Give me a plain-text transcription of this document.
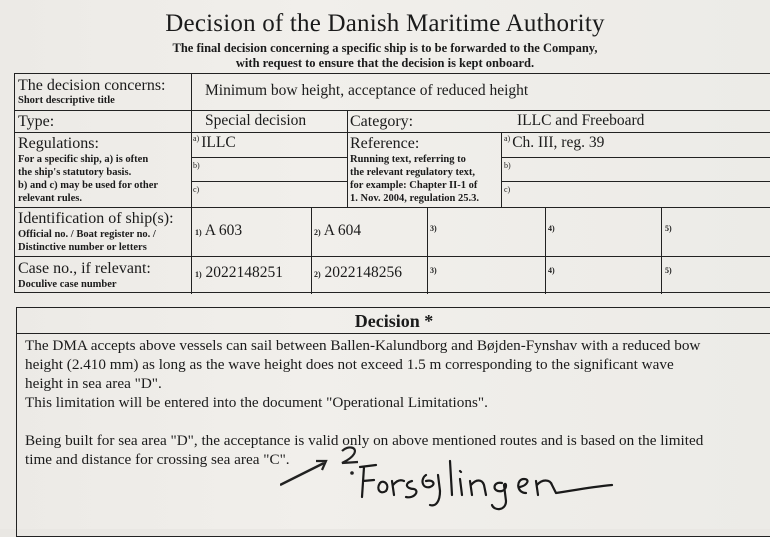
Decision of the Danish Maritime Authority
The final decision concerning a specific ship is to be forwarded to the Company,
with request to ensure that the decision is kept onboard.
The decision concerns:
Short descriptive title
Minimum bow height, acceptance of reduced height
Type:	Special decision	Category:	ILLC and Freeboard
Regulations:
For a specific ship, a) is often
the ship's statutory basis.
b) and c) may be used for other
relevant rules.
$^{a)}$ ILLC
$^{b)}$
$^{c)}$
Reference:
Running text, referring to
the relevant regulatory text,
for example: Chapter II-1 of
1. Nov. 2004, regulation 25.3.
$^{a)}$ Ch. III, reg. 39
$^{b)}$
$^{c)}$
Identification of ship(s):
Official no. / Boat register no. /
Distinctive number or letters
1) A 603	2) A 604	3)	4)	5)
Case no., if relevant:
Doculive case number
1) 2022148251	2) 2022148256	3)	4)	5)
Decision *

The DMA accepts above vessels can sail between Ballen-Kalundborg and Bøjden-Fynshav with a reduced bow

height (2.410 mm) as long as the wave height does not exceed 1.5 m corresponding to the significant wave

height in sea area "D".

This limitation will be entered into the document "Operational Limitations".

Being built for sea area "D", the acceptance is valid only on above mentioned routes and is based on the limited

time and distance for crossing sea area "C".
